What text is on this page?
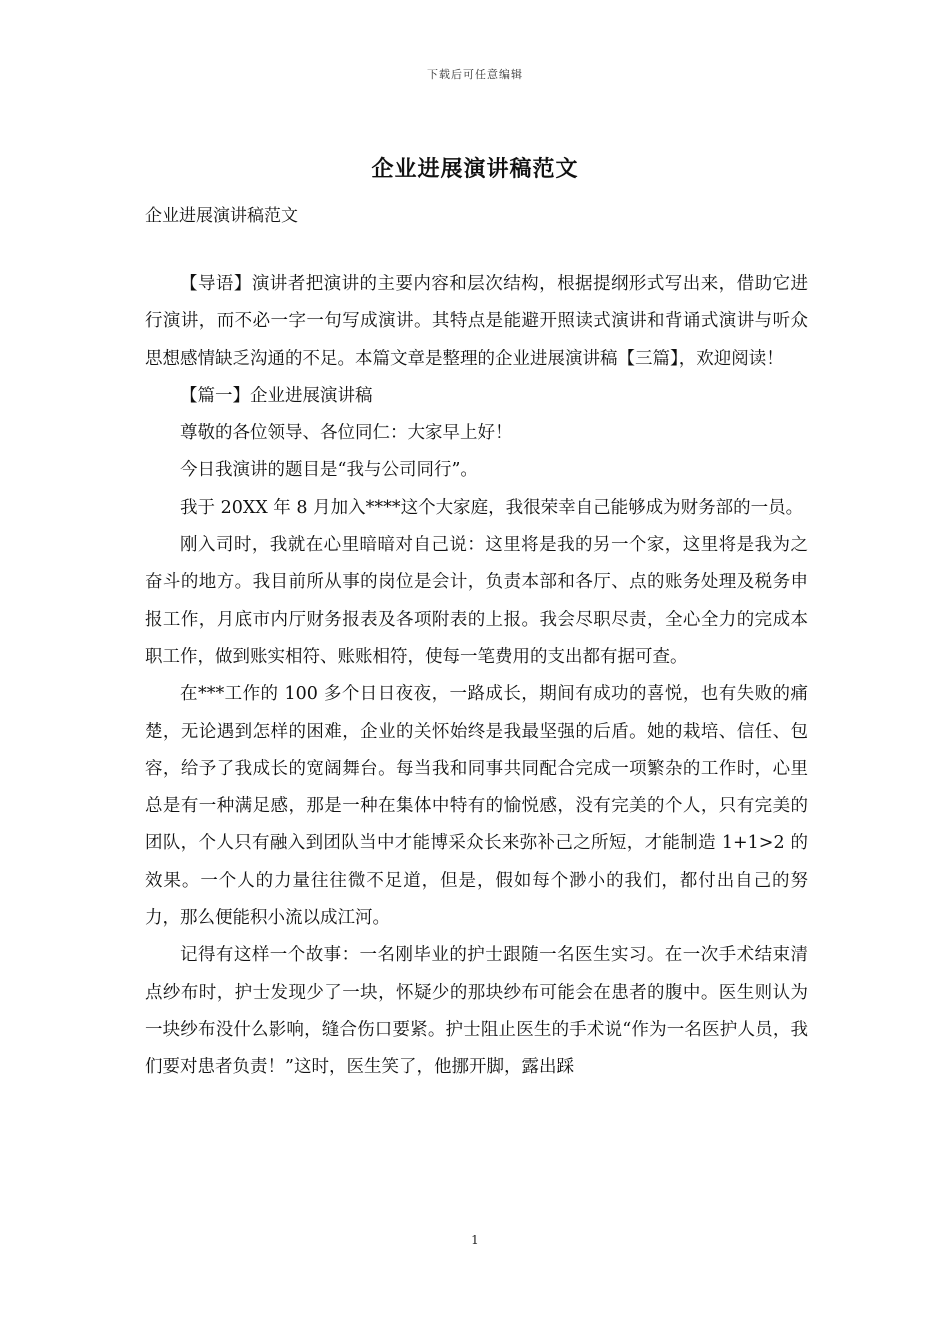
下载后可任意编辑
企业进展演讲稿范文
企业进展演讲稿范文

【导语】演讲者把演讲的主要内容和层次结构，根据提纲形式写出来，借助它进行演讲，而不必一字一句写成演讲。其特点是能避开照读式演讲和背诵式演讲与听众思想感情缺乏沟通的不足。本篇文章是整理的企业进展演讲稿【三篇】，欢迎阅读！

【篇一】企业进展演讲稿

尊敬的各位领导、各位同仁：大家早上好！

今日我演讲的题目是“我与公司同行”。

我于 20XX 年 8 月加入****这个大家庭，我很荣幸自己能够成为财务部的一员。

刚入司时，我就在心里暗暗对自己说：这里将是我的另一个家，这里将是我为之奋斗的地方。我目前所从事的岗位是会计，负责本部和各厅、点的账务处理及税务申报工作，月底市内厅财务报表及各项附表的上报。我会尽职尽责，全心全力的完成本职工作，做到账实相符、账账相符，使每一笔费用的支出都有据可查。

在***工作的 100 多个日日夜夜，一路成长，期间有成功的喜悦，也有失败的痛楚，无论遇到怎样的困难，企业的关怀始终是我最坚强的后盾。她的栽培、信任、包容，给予了我成长的宽阔舞台。每当我和同事共同配合完成一项繁杂的工作时，心里总是有一种满足感，那是一种在集体中特有的愉悦感，没有完美的个人，只有完美的团队，个人只有融入到团队当中才能博采众长来弥补己之所短，才能制造 1+1>2 的效果。一个人的力量往往微不足道，但是，假如每个渺小的我们，都付出自己的努力，那么便能积小流以成江河。

记得有这样一个故事：一名刚毕业的护士跟随一名医生实习。在一次手术结束清点纱布时，护士发现少了一块，怀疑少的那块纱布可能会在患者的腹中。医生则认为一块纱布没什么影响，缝合伤口要紧。护士阻止医生的手术说“作为一名医护人员，我们要对患者负责！”这时，医生笑了，他挪开脚，露出踩

1
